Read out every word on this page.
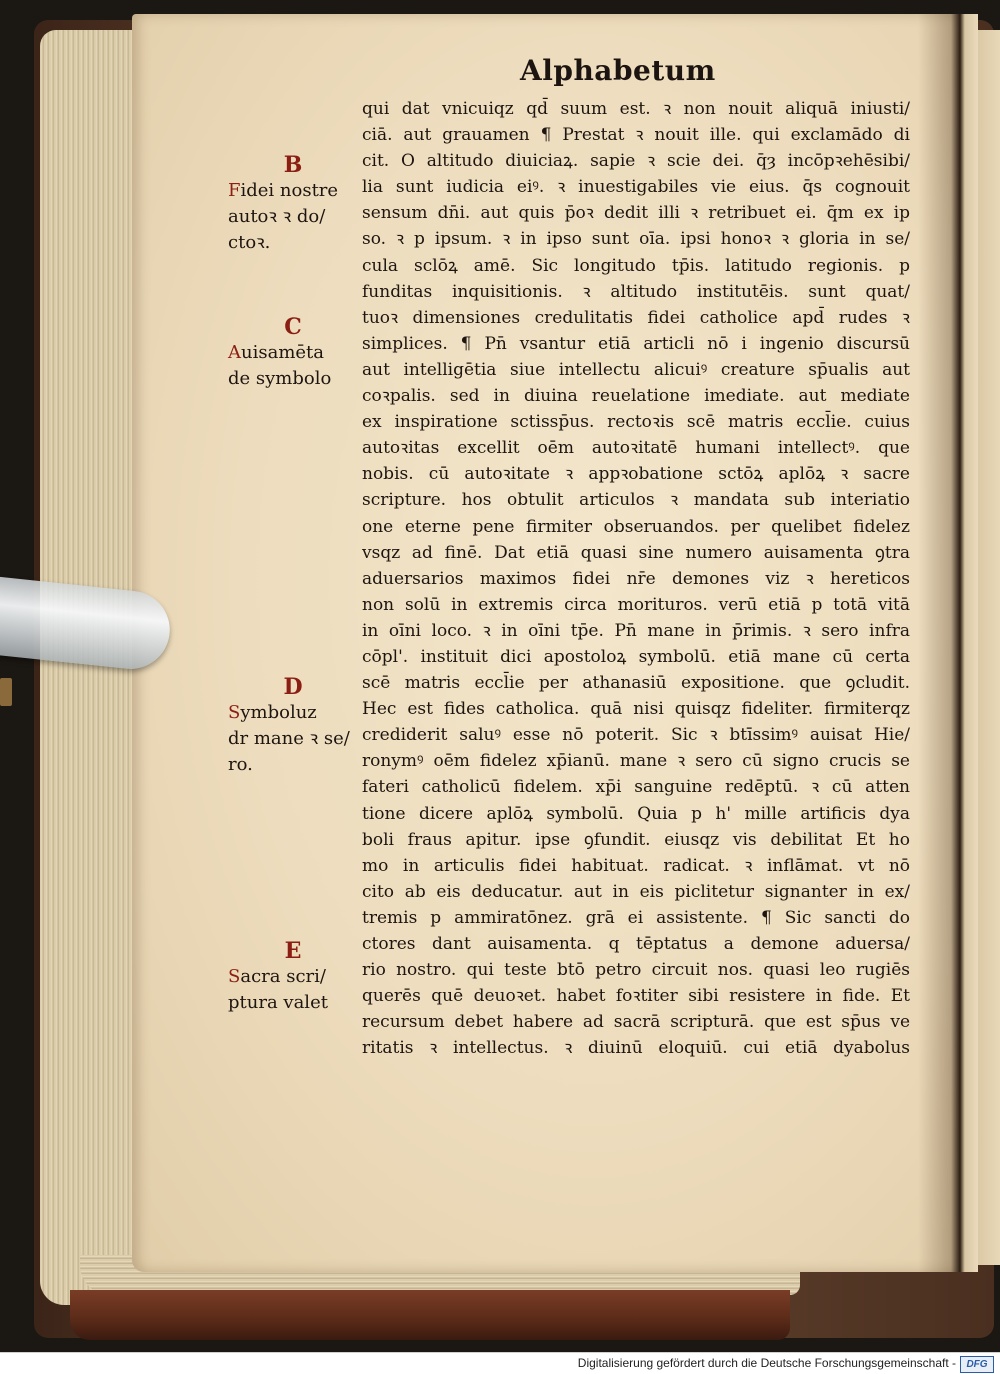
Alphabetum
qui dat vnicuiqz qd̄ suum est. ꝛ non nouit aliquā iniusti/
ciā. aut grauamen ¶ Prestat ꝛ nouit ille. qui exclamādo di
cit. O altitudo diuiciaꝝ. sapie ꝛ scie dei. q̄ȝ incōpꝛehēsibi/
lia sunt iudicia eiꝰ. ꝛ inuestigabiles vie eius. q̄s cognouit
sensum dn̄i. aut quis p̄oꝛ dedit illi ꝛ retribuet ei. q̄m ex ip
so. ꝛ p ipsum. ꝛ in ipso sunt oīa. ipsi honoꝛ ꝛ gloria in se/
cula sclōꝝ amē. Sic longitudo tp̄is. latitudo regionis. p
funditas inquisitionis. ꝛ altitudo institutēis. sunt quat/
tuoꝛ dimensiones credulitatis fidei catholice apd̄ rudes ꝛ
simplices. ¶ Pn̄ vsantur etiā articli nō i ingenio discursū
aut intelligētia siue intellectu alicuiꝰ creature sp̄ualis aut
coꝛpalis. sed in diuina reuelatione imediate. aut mediate
ex inspiratione sctissp̄us. rectoꝛis scē matris eccl̄ie. cuius
autoꝛitas excellit oēm autoꝛitatē humani intellectꝰ. que
nobis. cū autoꝛitate ꝛ appꝛobatione sctōꝝ aplōꝝ ꝛ sacre
scripture. hos obtulit articulos ꝛ mandata sub interiatio
one eterne pene firmiter obseruandos. per quelibet fidelez
vsqz ad finē. Dat etiā quasi sine numero auisamenta ꝯtra
aduersarios maximos fidei nr̄e demones viz ꝛ hereticos
non solū in extremis circa morituros. verū etiā p totā vitā
in oīni loco. ꝛ in oīni tp̄e. Pn̄ mane in p̄rimis. ꝛ sero infra
cōpl'. instituit dici apostoloꝝ symbolū. etiā mane cū certa
scē matris eccl̄ie per athanasiū expositione. que ꝯcludit.
Hec est fides catholica. quā nisi quisqz fideliter. firmiterqz
crediderit saluꝰ esse nō poterit. Sic ꝛ btīssimꝰ auisat Hie/
ronymꝰ oēm fidelez xp̄ianū. mane ꝛ sero cū signo crucis se
fateri catholicū fidelem. xp̄i sanguine redēptū. ꝛ cū atten
tione dicere aplōꝝ symbolū. Quia p h' mille artificis dya
boli fraus apitur. ipse ꝯfundit. eiusqz vis debilitat Et ho
mo in articulis fidei habituat. radicat. ꝛ inflāmat. vt nō
cito ab eis deducatur. aut in eis piclitetur signanter in ex/
tremis p ammiratōnez. grā ei assistente. ¶ Sic sancti do
ctores dant auisamenta. q tēptatus a demone aduersa/
rio nostro. qui teste btō petro circuit nos. quasi leo rugiēs
querēs quē deuoꝛet. habet foꝛtiter sibi resistere in fide. Et
recursum debet habere ad sacrā scripturā. que est sp̄us ve
ritatis ꝛ intellectus. ꝛ diuinū eloquiū. cui etiā dyabolus
B
Fidei nostre
autoꝛ ꝛ do/
ctoꝛ.
C
Auisamēta
de symbolo
D
Symboluz
dr mane ꝛ se/
ro.
E
Sacra scri/
ptura valet
Digitalisierung gefördert durch die Deutsche Forschungsgemeinschaft -	DFG
